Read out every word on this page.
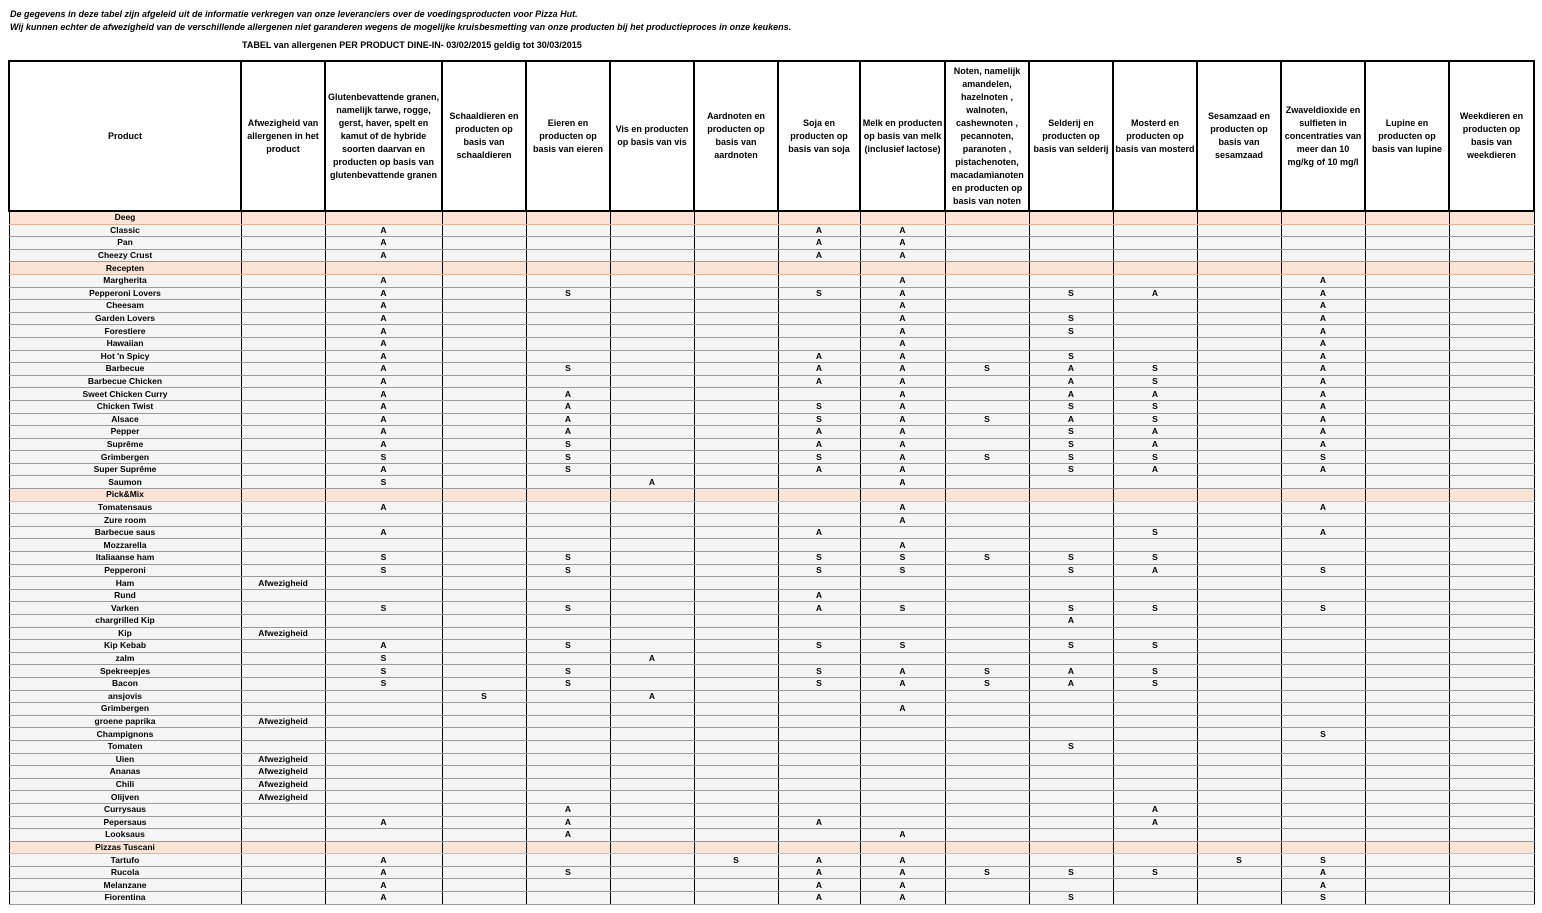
De gegevens in deze tabel zijn afgeleid uit de informatie verkregen van onze leveranciers over de voedingsproducten voor Pizza Hut.
Wij kunnen echter de afwezigheid van de verschillende allergenen niet garanderen wegens de mogelijke kruisbesmetting van onze producten bij het productieproces in onze keukens.
TABEL van allergenen PER PRODUCT DINE-IN- 03/02/2015 geldig tot 30/03/2015
Product	Afwezigheid van allergenen in het product	Glutenbevattende granen, namelijk tarwe, rogge, gerst, haver, spelt en kamut of de hybride soorten daarvan en producten op basis van glutenbevattende granen	Schaaldieren en producten op basis van schaaldieren	Eieren en producten op basis van eieren	Vis en producten op basis van vis	Aardnoten en producten op basis van aardnoten	Soja en producten op basis van soja	Melk en producten op basis van melk (inclusief lactose)	Noten, namelijk amandelen, hazelnoten , walnoten, cashewnoten , pecannoten, paranoten , pistachenoten, macadamianoten en producten op basis van noten	Selderij en producten op basis van selderij	Mosterd en producten op basis van mosterd	Sesamzaad en producten op basis van sesamzaad	Zwaveldioxide en sulfieten in concentraties van meer dan 10 mg/kg of 10 mg/l	Lupine en producten op basis van lupine	Weekdieren en producten op basis van weekdieren

Deeg															
Classic		A					A	A							
Pan		A					A	A							
Cheezy Crust		A					A	A							
Recepten															
Margherita		A						A					A		
Pepperoni Lovers		A		S			S	A		S	A		A		
Cheesam		A						A					A		
Garden Lovers		A						A		S			A		
Forestiere		A						A		S			A		
Hawaiian		A						A					A		
Hot 'n Spicy		A					A	A		S			A		
Barbecue		A		S			A	A	S	A	S		A		
Barbecue Chicken		A					A	A		A	S		A		
Sweet Chicken Curry		A		A				A		A	A		A		
Chicken Twist		A		A			S	A		S	S		A		
Alsace		A		A			S	A	S	A	S		A		
Pepper		A		A			A	A		S	A		A		
Suprême		A		S			A	A		S	A		A		
Grimbergen		S		S			S	A	S	S	S		S		
Super Suprême		A		S			A	A		S	A		A		
Saumon		S			A			A							
Pick&Mix															
Tomatensaus		A						A					A		
Zure room								A							
Barbecue saus		A					A				S		A		
Mozzarella								A							
Italiaanse ham		S		S			S	S	S	S	S				
Pepperoni		S		S			S	S		S	A		S		
Ham	Afwezigheid														
Rund							A								
Varken		S		S			A	S		S	S		S		
chargrilled Kip										A					
Kip	Afwezigheid														
Kip Kebab		A		S			S	S		S	S				
zalm		S			A										
Spekreepjes		S		S			S	A	S	A	S				
Bacon		S		S			S	A	S	A	S				
ansjovis			S		A										
Grimbergen								A							
groene paprika	Afwezigheid														
Champignons													S		
Tomaten										S					
Uien	Afwezigheid														
Ananas	Afwezigheid														
Chili	Afwezigheid														
Olijven	Afwezigheid														
Currysaus				A							A				
Pepersaus		A		A			A				A				
Looksaus				A				A							
Pizzas Tuscani															
Tartufo		A				S	A	A				S	S		
Rucola		A		S			A	A	S	S	S		A		
Melanzane		A					A	A					A		
Fiorentina		A					A	A		S			S		
